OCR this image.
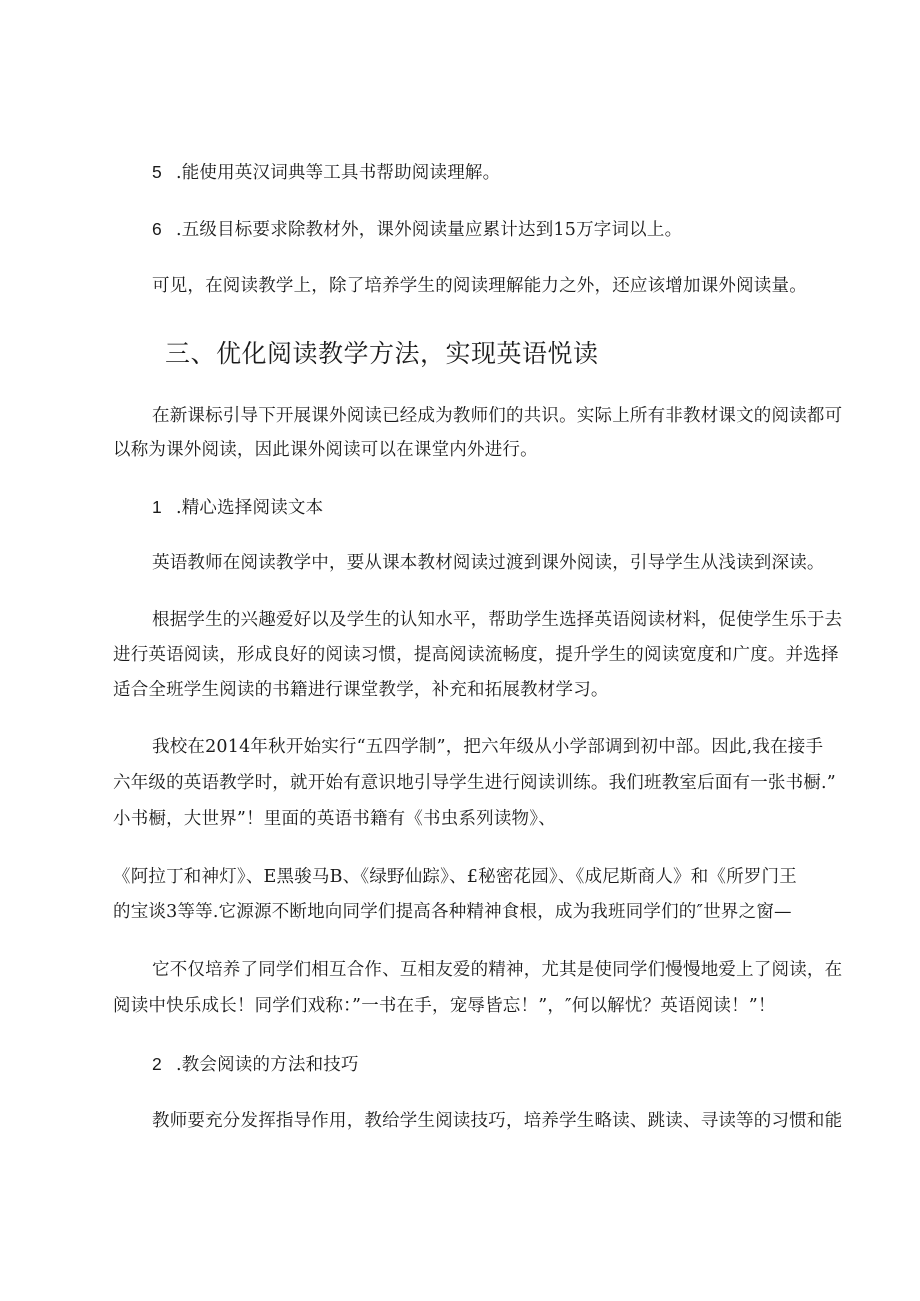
5 .能使用英汉词典等工具书帮助阅读理解。
6 .五级目标要求除教材外，课外阅读量应累计达到15万字词以上。
可见，在阅读教学上，除了培养学生的阅读理解能力之外，还应该增加课外阅读量。
三、优化阅读教学方法，实现英语悦读
在新课标引导下开展课外阅读已经成为教师们的共识。实际上所有非教材课文的阅读都可
以称为课外阅读，因此课外阅读可以在课堂内外进行。
1 .精心选择阅读文本
英语教师在阅读教学中，要从课本教材阅读过渡到课外阅读，引导学生从浅读到深读。
根据学生的兴趣爱好以及学生的认知水平，帮助学生选择英语阅读材料，促使学生乐于去
进行英语阅读，形成良好的阅读习惯，提高阅读流畅度，提升学生的阅读宽度和广度。并选择
适合全班学生阅读的书籍进行课堂教学，补充和拓展教材学习。
我校在2014年秋开始实行“五四学制”，把六年级从小学部调到初中部。因此,我在接手
六年级的英语教学时，就开始有意识地引导学生进行阅读训练。我们班教室后面有一张书橱.”
小书橱，大世界”！里面的英语书籍有《书虫系列读物》、
《阿拉丁和神灯》、E黑骏马B、《绿野仙踪》、£秘密花园》、《成尼斯商人》和《所罗门王
的宝谈3等等.它源源不断地向同学们提高各种精神食根，成为我班同学们的″世界之窗—
它不仅培养了同学们相互合作、互相友爱的精神，尤其是使同学们慢慢地爱上了阅读，在
阅读中快乐成长！同学们戏称：”一书在手，宠辱皆忘！”，″何以解忧？英语阅读！”！
2 .教会阅读的方法和技巧
教师要充分发挥指导作用，教给学生阅读技巧，培养学生略读、跳读、寻读等的习惯和能
